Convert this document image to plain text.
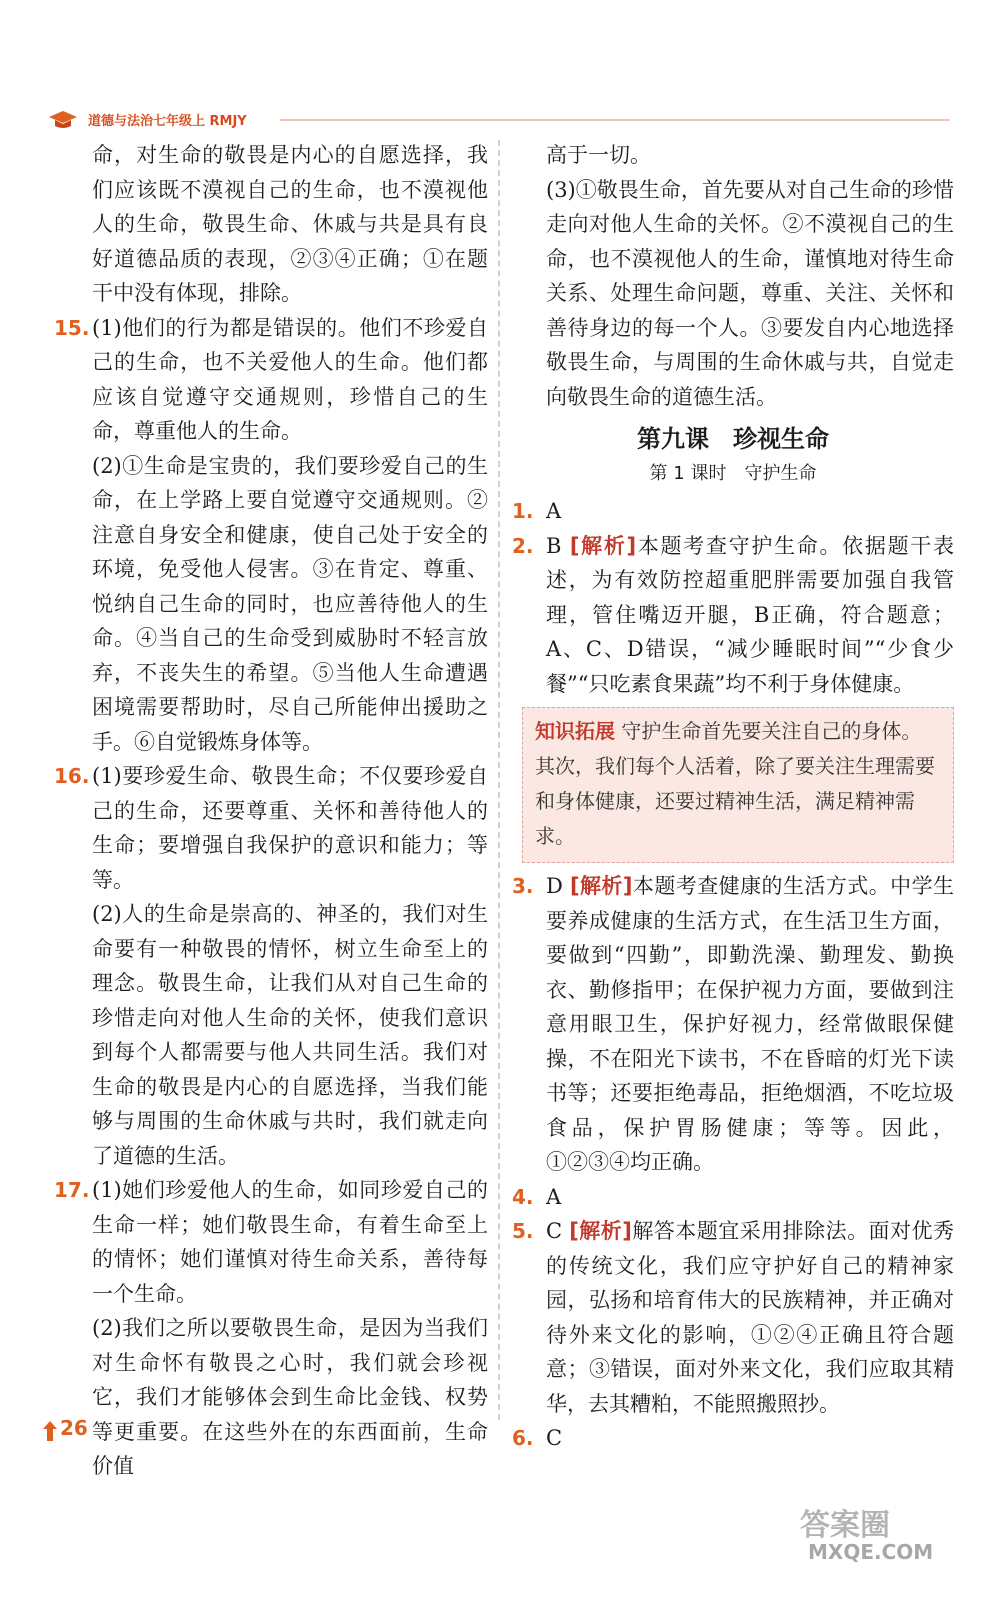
道德与法治七年级上 RMJY

命，对生命的敬畏是内心的自愿选择，我们应该既不漠视自己的生命，也不漠视他人的生命，敬畏生命、休戚与共是具有良好道德品质的表现，②③④正确；①在题干中没有体现，排除。

15. (1)他们的行为都是错误的。他们不珍爱自己的生命，也不关爱他人的生命。他们都应该自觉遵守交通规则，珍惜自己的生命，尊重他人的生命。

(2)①生命是宝贵的，我们要珍爱自己的生命，在上学路上要自觉遵守交通规则。②注意自身安全和健康，使自己处于安全的环境，免受他人侵害。③在肯定、尊重、悦纳自己生命的同时，也应善待他人的生命。④当自己的生命受到威胁时不轻言放弃，不丧失生的希望。⑤当他人生命遭遇困境需要帮助时，尽自己所能伸出援助之手。⑥自觉锻炼身体等。

16. (1)要珍爱生命、敬畏生命；不仅要珍爱自己的生命，还要尊重、关怀和善待他人的生命；要增强自我保护的意识和能力；等等。

(2)人的生命是崇高的、神圣的，我们对生命要有一种敬畏的情怀，树立生命至上的理念。敬畏生命，让我们从对自己生命的珍惜走向对他人生命的关怀，使我们意识到每个人都需要与他人共同生活。我们对生命的敬畏是内心的自愿选择，当我们能够与周围的生命休戚与共时，我们就走向了道德的生活。

17. (1)她们珍爱他人的生命，如同珍爱自己的生命一样；她们敬畏生命，有着生命至上的情怀；她们谨慎对待生命关系，善待每一个生命。

(2)我们之所以要敬畏生命，是因为当我们对生命怀有敬畏之心时，我们就会珍视它，我们才能够体会到生命比金钱、权势等更重要。在这些外在的东西面前，生命价值

高于一切。

(3)①敬畏生命，首先要从对自己生命的珍惜走向对他人生命的关怀。②不漠视自己的生命，也不漠视他人的生命，谨慎地对待生命关系、处理生命问题，尊重、关注、关怀和善待身边的每一个人。③要发自内心地选择敬畏生命，与周围的生命休戚与共，自觉走向敬畏生命的道德生活。

第九课　珍视生命
第 1 课时　守护生命
1. A

2. B [解析]本题考查守护生命。依据题干表述，为有效防控超重肥胖需要加强自我管理，管住嘴迈开腿，B正确，符合题意；A、C、D错误，“减少睡眠时间”“少食少餐”“只吃素食果蔬”均不利于身体健康。

知识拓展 守护生命首先要关注自己的身体。其次，我们每个人活着，除了要关注生理需要和身体健康，还要过精神生活，满足精神需求。
3. D [解析]本题考查健康的生活方式。中学生要养成健康的生活方式，在生活卫生方面，要做到“四勤”，即勤洗澡、勤理发、勤换衣、勤修指甲；在保护视力方面，要做到注意用眼卫生，保护好视力，经常做眼保健操，不在阳光下读书，不在昏暗的灯光下读书等；还要拒绝毒品，拒绝烟酒，不吃垃圾食品，保护胃肠健康；等等。因此，①②③④均正确。

4. A

5. C [解析]解答本题宜采用排除法。面对优秀的传统文化，我们应守护好自己的精神家园，弘扬和培育伟大的民族精神，并正确对待外来文化的影响，①②④正确且符合题意；③错误，面对外来文化，我们应取其精华，去其糟粕，不能照搬照抄。

6. C

26
答案圈
MXQE.COM
